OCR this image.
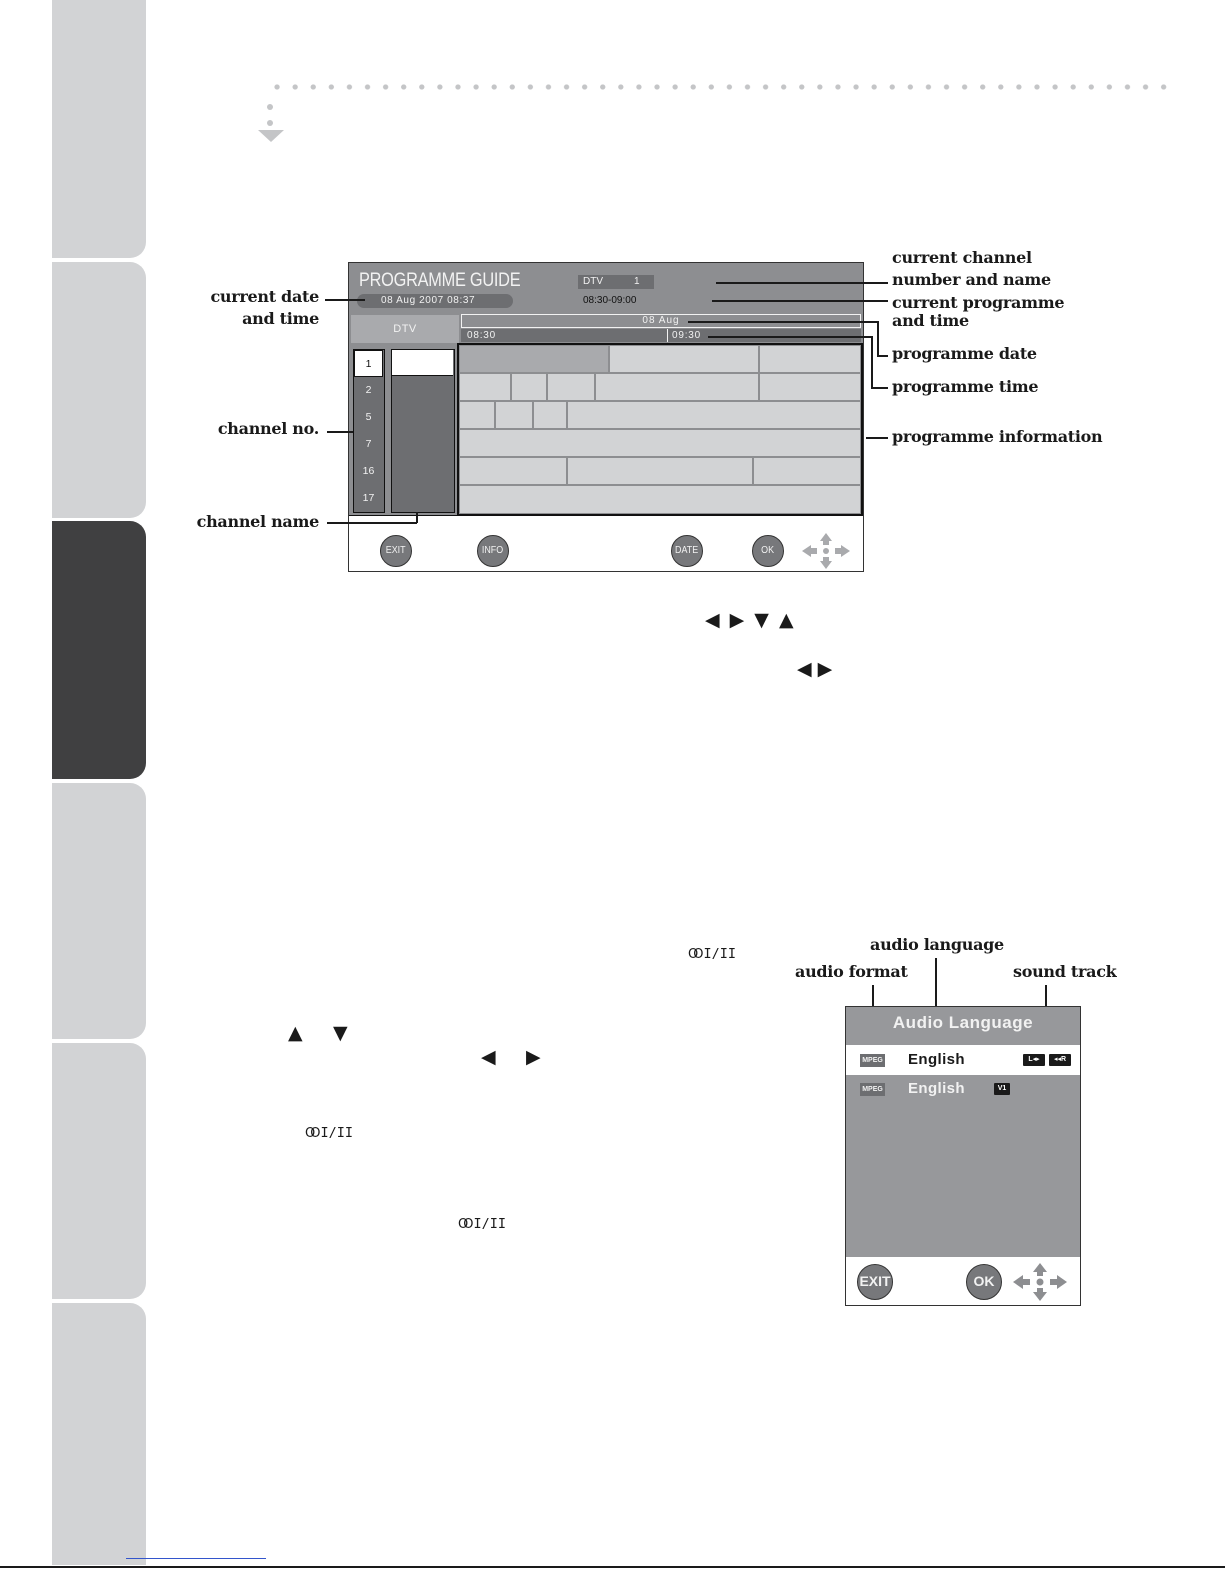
PROGRAMME GUIDE
08 Aug 2007 08:37
DTV	1
08:30-09:00
DTV
08 Aug
08:30	09:30
1
2
5
7
16
17
EXIT	INFO	DATE	OK
current date
and time
channel no.
channel name
current channel
number and name
current programme
and time
programme date
programme time
programme information
◀ ▶ ▼ ▲
◀ ▶
OO I/II
▲ ▼
◀ ▶
OO I/II
OO I/II
audio language
audio format	sound track
Audio Language
MPEG English	L◂▸	◂◂R
MPEG English	V1
EXIT	OK
